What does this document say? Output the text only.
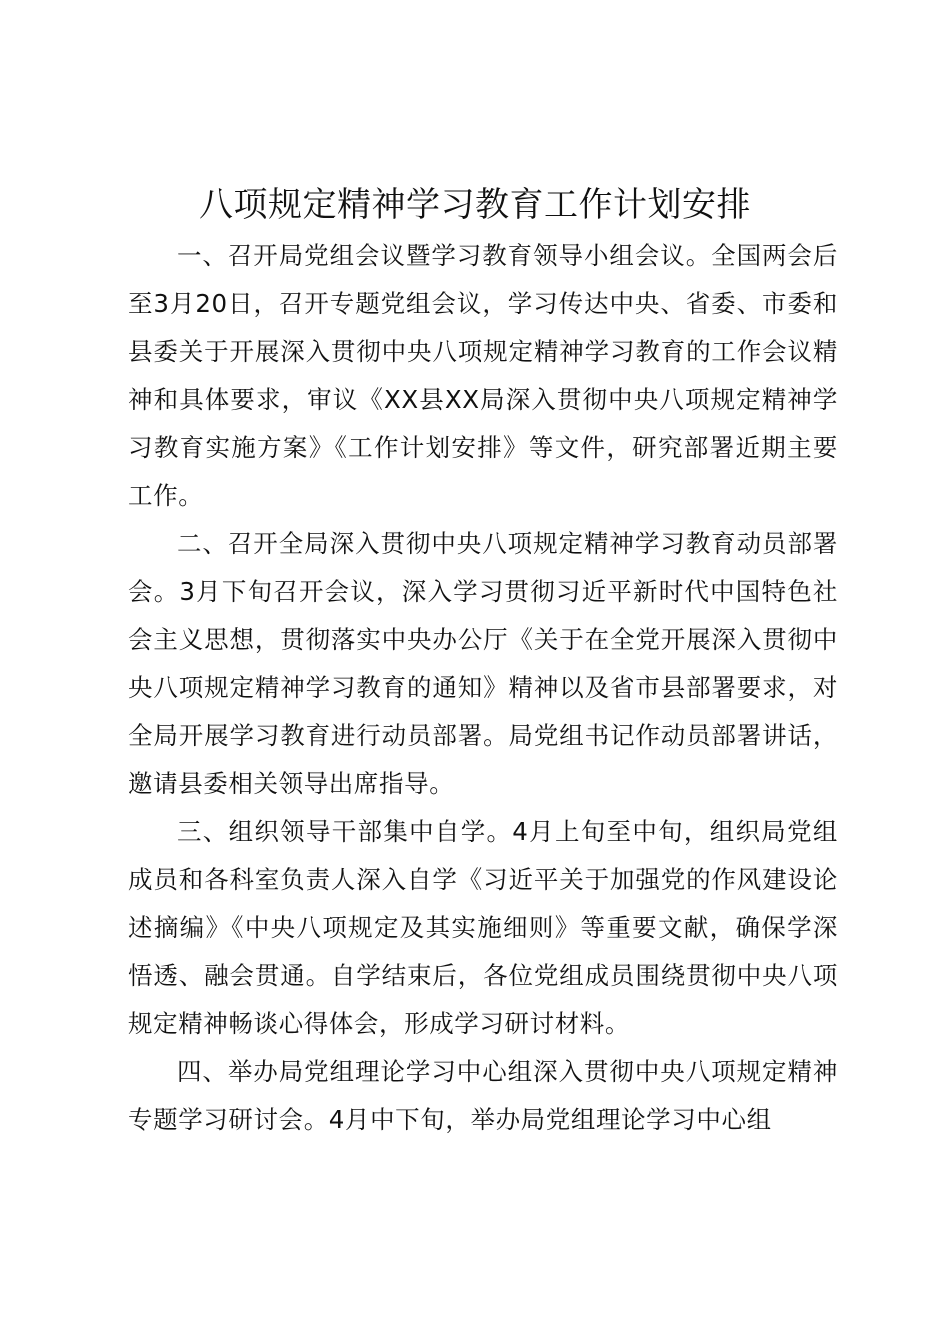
八项规定精神学习教育工作计划安排

一、召开局党组会议暨学习教育领导小组会议。全国两会后至3月20日，召开专题党组会议，学习传达中央、省委、市委和县委关于开展深入贯彻中央八项规定精神学习教育的工作会议精神和具体要求，审议《XX县XX局深入贯彻中央八项规定精神学习教育实施方案》《工作计划安排》等文件，研究部署近期主要工作。

二、召开全局深入贯彻中央八项规定精神学习教育动员部署会。3月下旬召开会议，深入学习贯彻习近平新时代中国特色社会主义思想，贯彻落实中央办公厅《关于在全党开展深入贯彻中央八项规定精神学习教育的通知》精神以及省市县部署要求，对全局开展学习教育进行动员部署。局党组书记作动员部署讲话，邀请县委相关领导出席指导。

三、组织领导干部集中自学。4月上旬至中旬，组织局党组成员和各科室负责人深入自学《习近平关于加强党的作风建设论述摘编》《中央八项规定及其实施细则》等重要文献，确保学深悟透、融会贯通。自学结束后，各位党组成员围绕贯彻中央八项规定精神畅谈心得体会，形成学习研讨材料。

四、举办局党组理论学习中心组深入贯彻中央八项规定精神专题学习研讨会。4月中下旬，举办局党组理论学习中心组
